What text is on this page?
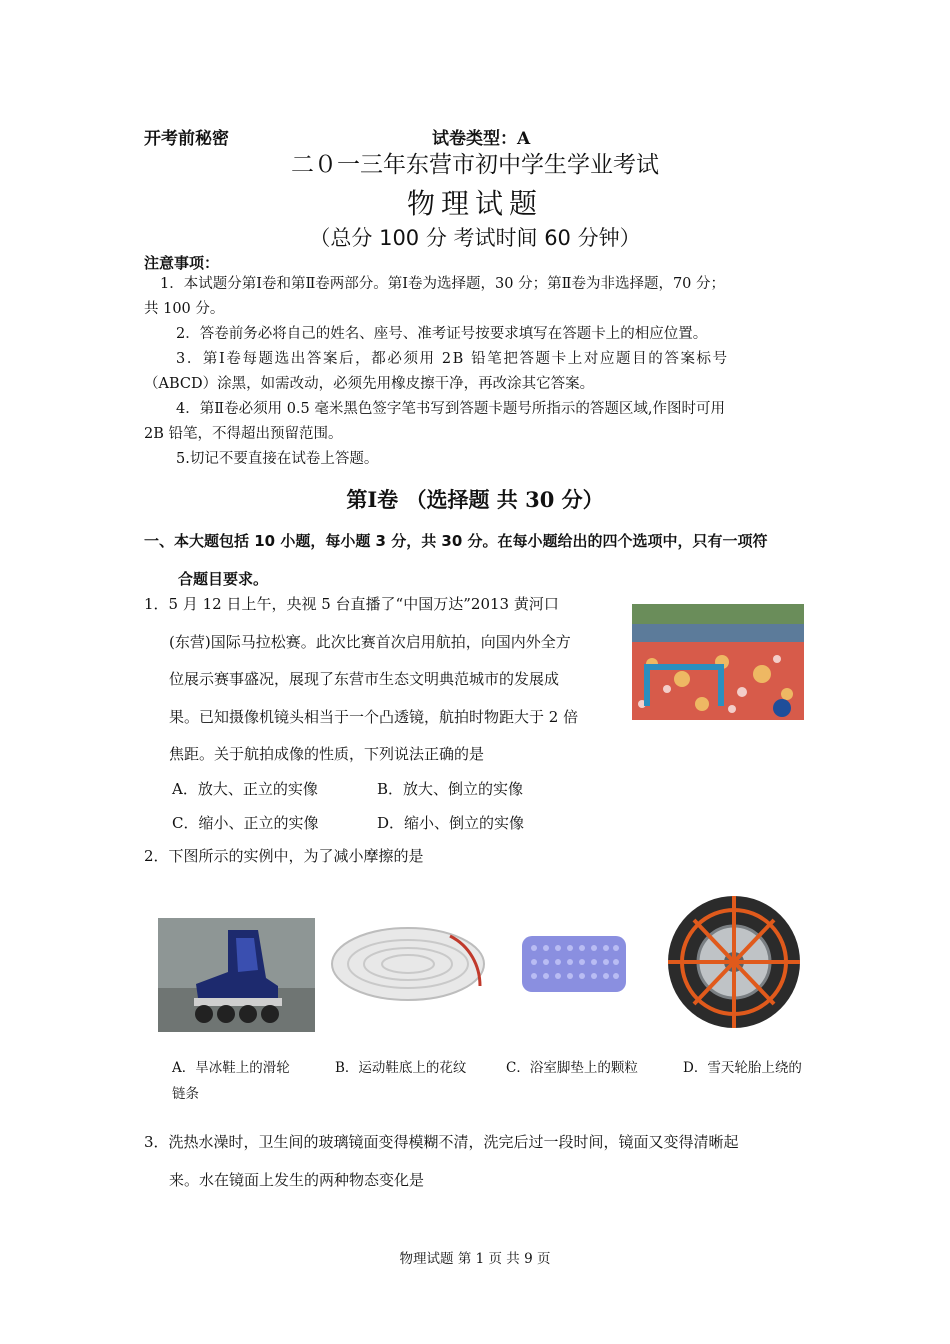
开考前秘密	试卷类型：A
二０一三年东营市初中学生学业考试
物理试题
（总分 100 分 考试时间 60 分钟）
注意事项：
1．本试题分第Ⅰ卷和第Ⅱ卷两部分。第Ⅰ卷为选择题，30 分；第Ⅱ卷为非选择题，70 分；
共 100 分。
2．答卷前务必将自己的姓名、座号、准考证号按要求填写在答题卡上的相应位置。
3．第Ⅰ卷每题选出答案后，都必须用 2B 铅笔把答题卡上对应题目的答案标号
（ABCD）涂黑，如需改动，必须先用橡皮擦干净，再改涂其它答案。
4．第Ⅱ卷必须用 0.5 毫米黑色签字笔书写到答题卡题号所指示的答题区域,作图时可用
2B 铅笔，不得超出预留范围。
5.切记不要直接在试卷上答题。
第Ⅰ卷 （选择题 共 30 分）
一、本大题包括 10 小题，每小题 3 分，共 30 分。在每小题给出的四个选项中，只有一项符
合题目要求。
1．5 月 12 日上午，央视 5 台直播了“中国万达”2013 黄河口
(东营)国际马拉松赛。此次比赛首次启用航拍，向国内外全方
位展示赛事盛况，展现了东营市生态文明典范城市的发展成
果。已知摄像机镜头相当于一个凸透镜，航拍时物距大于 2 倍
焦距。关于航拍成像的性质，下列说法正确的是
A．放大、正立的实像	B．放大、倒立的实像
C．缩小、正立的实像	D．缩小、倒立的实像
2．下图所示的实例中，为了减小摩擦的是
A．旱冰鞋上的滑轮	B．运动鞋底上的花纹	C．浴室脚垫上的颗粒	D．雪天轮胎上绕的
链条
3．洗热水澡时，卫生间的玻璃镜面变得模糊不清，洗完后过一段时间，镜面又变得清晰起
来。水在镜面上发生的两种物态变化是
物理试题 第 1 页 共 9 页
